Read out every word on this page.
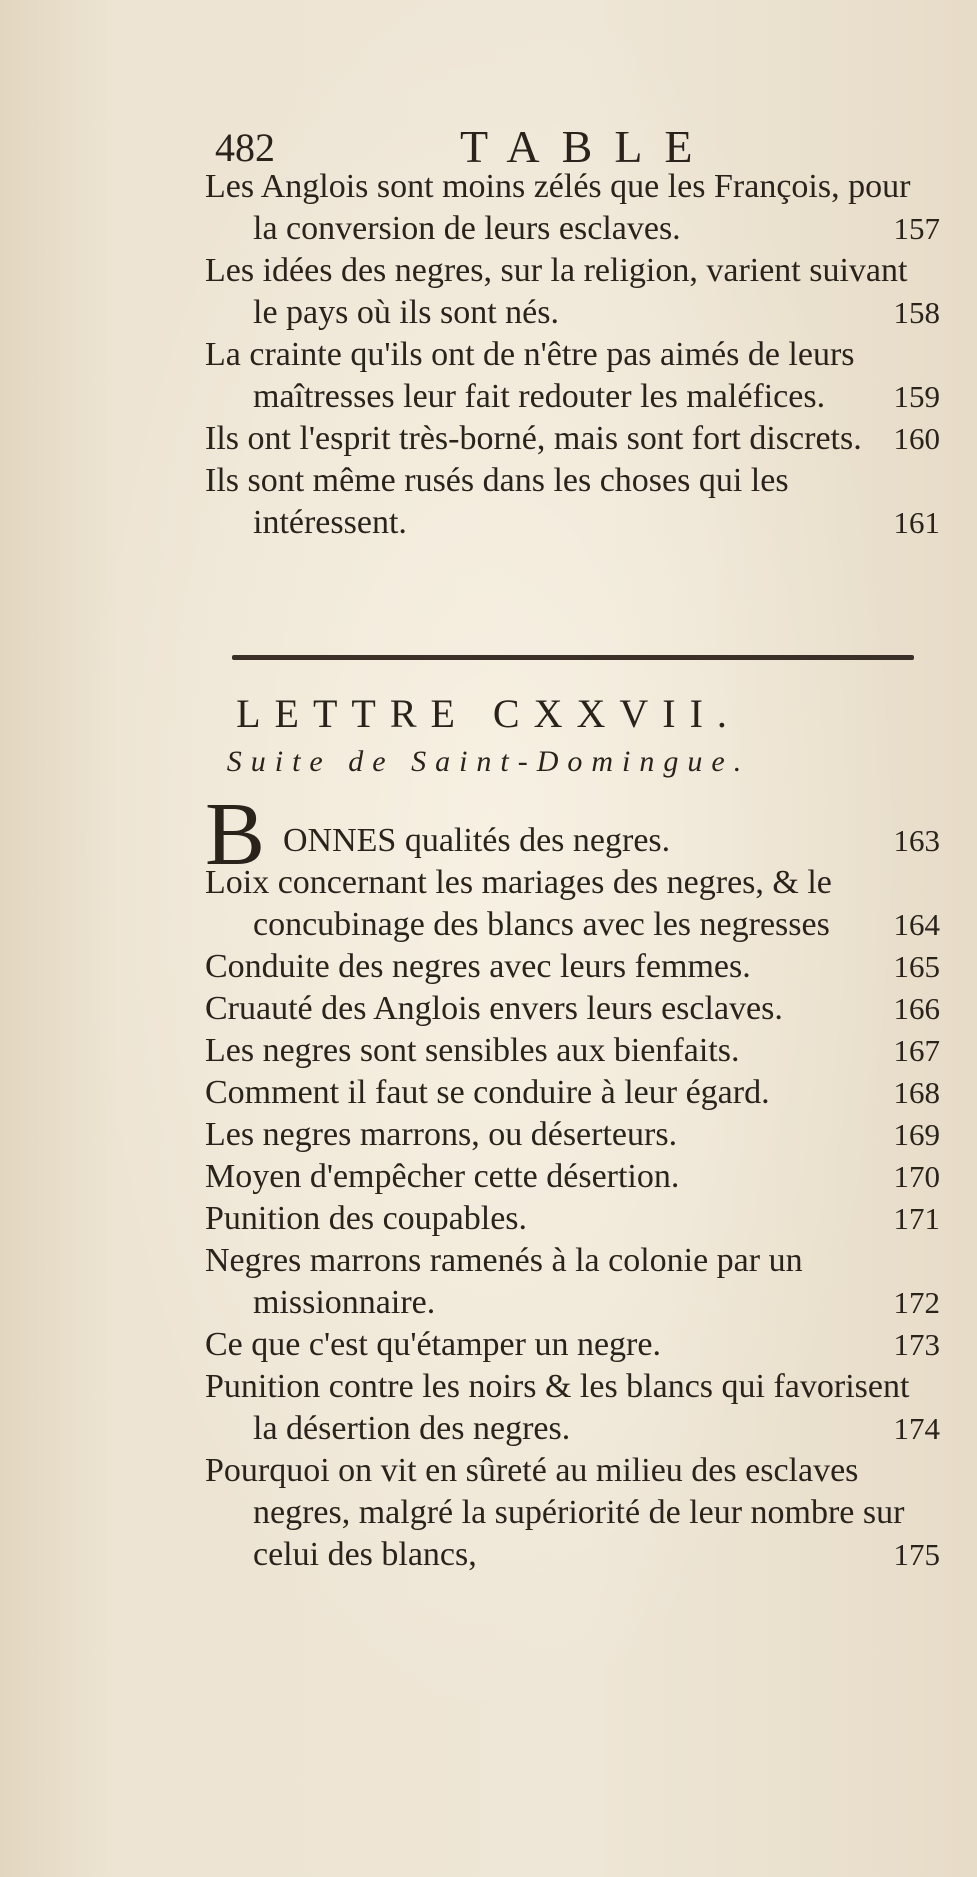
482	TABLE

Les Anglois sont moins zélés que les François, pour la conversion de leurs esclaves.	157

Les idées des negres, sur la religion, varient suivant le pays où ils sont nés.	158

La crainte qu'ils ont de n'être pas aimés de leurs maîtresses leur fait redouter les maléfices. 159

Ils ont l'esprit très-borné, mais sont fort discrets. 160

Ils sont même rusés dans les choses qui les intéressent.	161

LETTRE CXXVII.
Suite de Saint-Domingue.
B ONNES qualités des negres.	163

Loix concernant les mariages des negres, & le concubinage des blancs avec les negresses 164

Conduite des negres avec leurs femmes.	165

Cruauté des Anglois envers leurs esclaves.	166

Les negres sont sensibles aux bienfaits.	167

Comment il faut se conduire à leur égard.	168

Les negres marrons, ou déserteurs.	169

Moyen d'empêcher cette désertion.	170

Punition des coupables.	171

Negres marrons ramenés à la colonie par un missionnaire.	172

Ce que c'est qu'étamper un negre.	173

Punition contre les noirs & les blancs qui favorisent la désertion des negres.	174

Pourquoi on vit en sûreté au milieu des esclaves negres, malgré la supériorité de leur nombre sur celui des blancs,	175
